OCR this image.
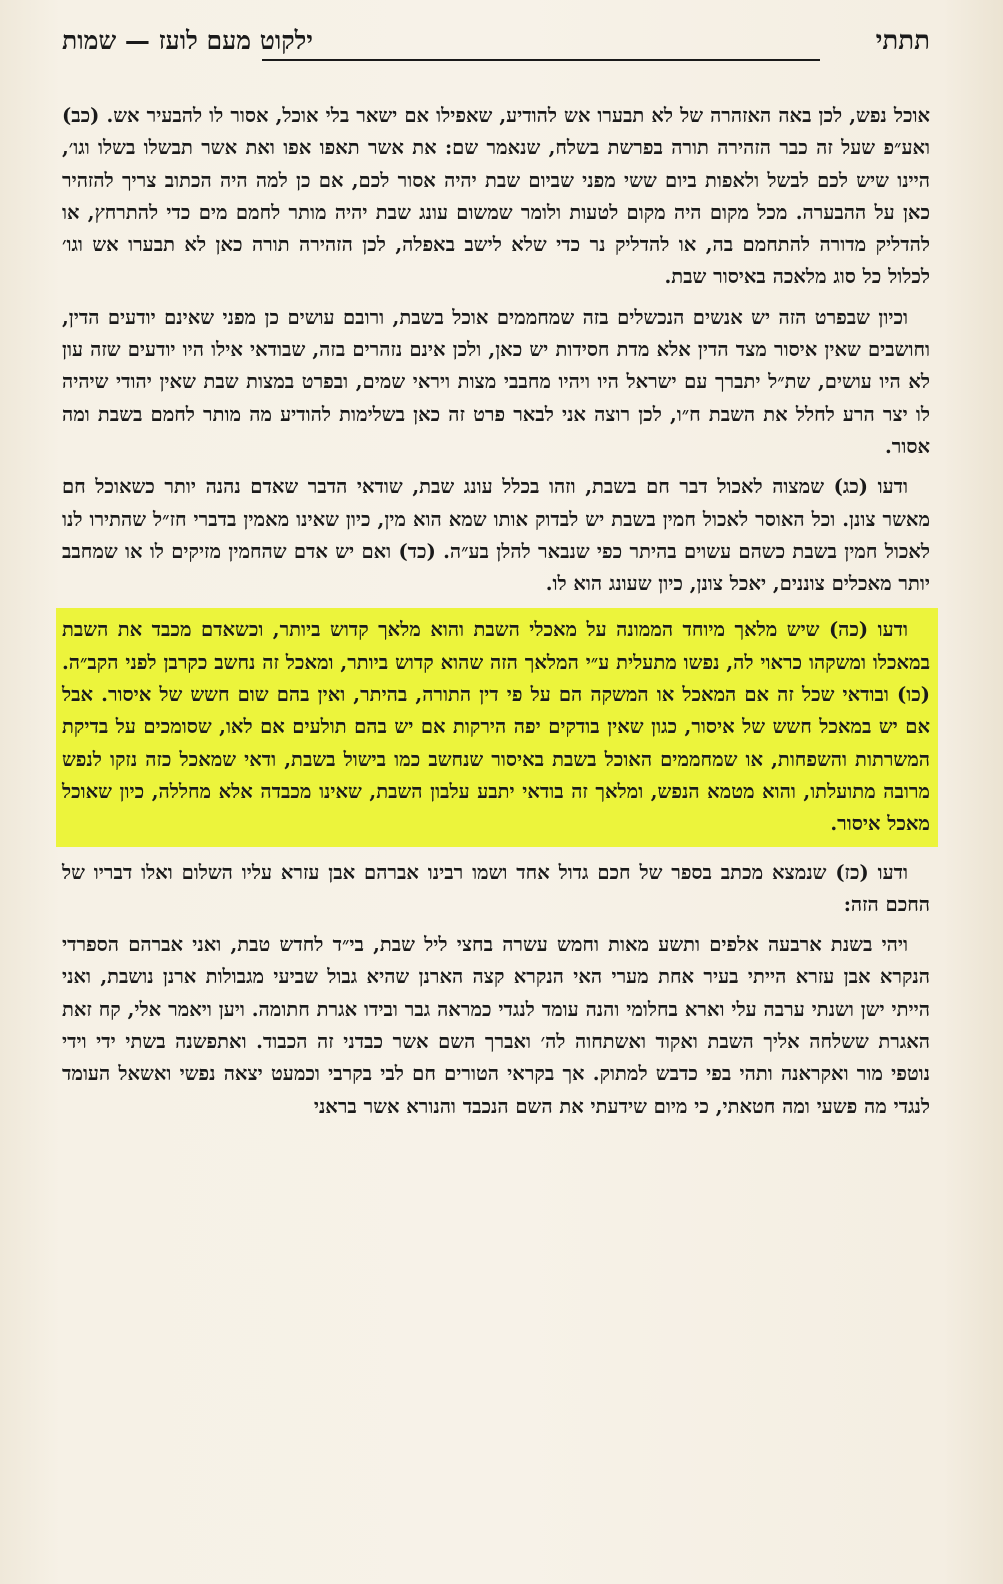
תתתי
ילקוט מעם לועז — שמות

אוכל נפש, לכן באה האזהרה של לא תבערו אש להודיע, שאפילו אם ישאר בלי אוכל, אסור לו להבעיר אש. (כב) ואע״פ שעל זה כבר הזהירה תורה בפרשת בשלח, שנאמר שם: את אשר תאפו אפו ואת אשר תבשלו בשלו וגו׳, היינו שיש לכם לבשל ולאפות ביום ששי מפני שביום שבת יהיה אסור לכם, אם כן למה היה הכתוב צריך להזהיר כאן על ההבערה. מכל מקום היה מקום לטעות ולומר שמשום עונג שבת יהיה מותר לחמם מים כדי להתרחץ, או להדליק מדורה להתחמם בה, או להדליק נר כדי שלא לישב באפלה, לכן הזהירה תורה כאן לא תבערו אש וגו׳ לכלול כל סוג מלאכה באיסור שבת.

וכיון שבפרט הזה יש אנשים הנכשלים בזה שמחממים אוכל בשבת, ורובם עושים כן מפני שאינם יודעים הדין, וחושבים שאין איסור מצד הדין אלא מדת חסידות יש כאן, ולכן אינם נזהרים בזה, שבודאי אילו היו יודעים שזה עון לא היו עושים, שת״ל יתברך עם ישראל היו ויהיו מחבבי מצות ויראי שמים, ובפרט במצות שבת שאין יהודי שיהיה לו יצר הרע לחלל את השבת ח״ו, לכן רוצה אני לבאר פרט זה כאן בשלימות להודיע מה מותר לחמם בשבת ומה אסור.

ודעו (כג) שמצוה לאכול דבר חם בשבת, וזהו בכלל עונג שבת, שודאי הדבר שאדם נהנה יותר כשאוכל חם מאשר צונן. וכל האוסר לאכול חמין בשבת יש לבדוק אותו שמא הוא מין, כיון שאינו מאמין בדברי חז״ל שהתירו לנו לאכול חמין בשבת כשהם עשוים בהיתר כפי שנבאר להלן בע״ה. (כד) ואם יש אדם שהחמין מזיקים לו או שמחבב יותר מאכלים צוננים, יאכל צונן, כיון שעונג הוא לו.

ודעו (כה) שיש מלאך מיוחד הממונה על מאכלי השבת והוא מלאך קדוש ביותר, וכשאדם מכבד את השבת במאכלו ומשקהו כראוי לה, נפשו מתעלית ע״י המלאך הזה שהוא קדוש ביותר, ומאכל זה נחשב כקרבן לפני הקב״ה. (כו) ובודאי שכל זה אם המאכל או המשקה הם על פי דין התורה, בהיתר, ואין בהם שום חשש של איסור. אבל אם יש במאכל חשש של איסור, כגון שאין בודקים יפה הירקות אם יש בהם תולעים אם לאו, שסומכים על בדיקת המשרתות והשפחות, או שמחממים האוכל בשבת באיסור שנחשב כמו בישול בשבת, ודאי שמאכל כזה נזקו לנפש מרובה מתועלתו, והוא מטמא הנפש, ומלאך זה בודאי יתבע עלבון השבת, שאינו מכבדה אלא מחללה, כיון שאוכל מאכל איסור.

ודעו (כז) שנמצא מכתב בספר של חכם גדול אחד ושמו רבינו אברהם אבן עזרא עליו השלום ואלו דבריו של החכם הזה:

ויהי בשנת ארבעה אלפים ותשע מאות וחמש עשרה בחצי ליל שבת, בי״ד לחדש טבת, ואני אברהם הספרדי הנקרא אבן עזרא הייתי בעיר אחת מערי האי הנקרא קצה הארנן שהיא גבול שביעי מגבולות ארנן נושבת, ואני הייתי ישן ושנתי ערבה עלי וארא בחלומי והנה עומד לנגדי כמראה גבר ובידו אגרת חתומה. ויען ויאמר אלי, קח זאת האגרת ששלחה אליך השבת ואקוד ואשתחוה לה׳ ואברך השם אשר כבדני זה הכבוד. ואתפשנה בשתי ידי וידי נוטפי מור ואקראנה ותהי בפי כדבש למתוק. אך בקראי הטורים חם לבי בקרבי וכמעט יצאה נפשי ואשאל העומד לנגדי מה פשעי ומה חטאתי, כי מיום שידעתי את השם הנכבד והנורא אשר בראני
